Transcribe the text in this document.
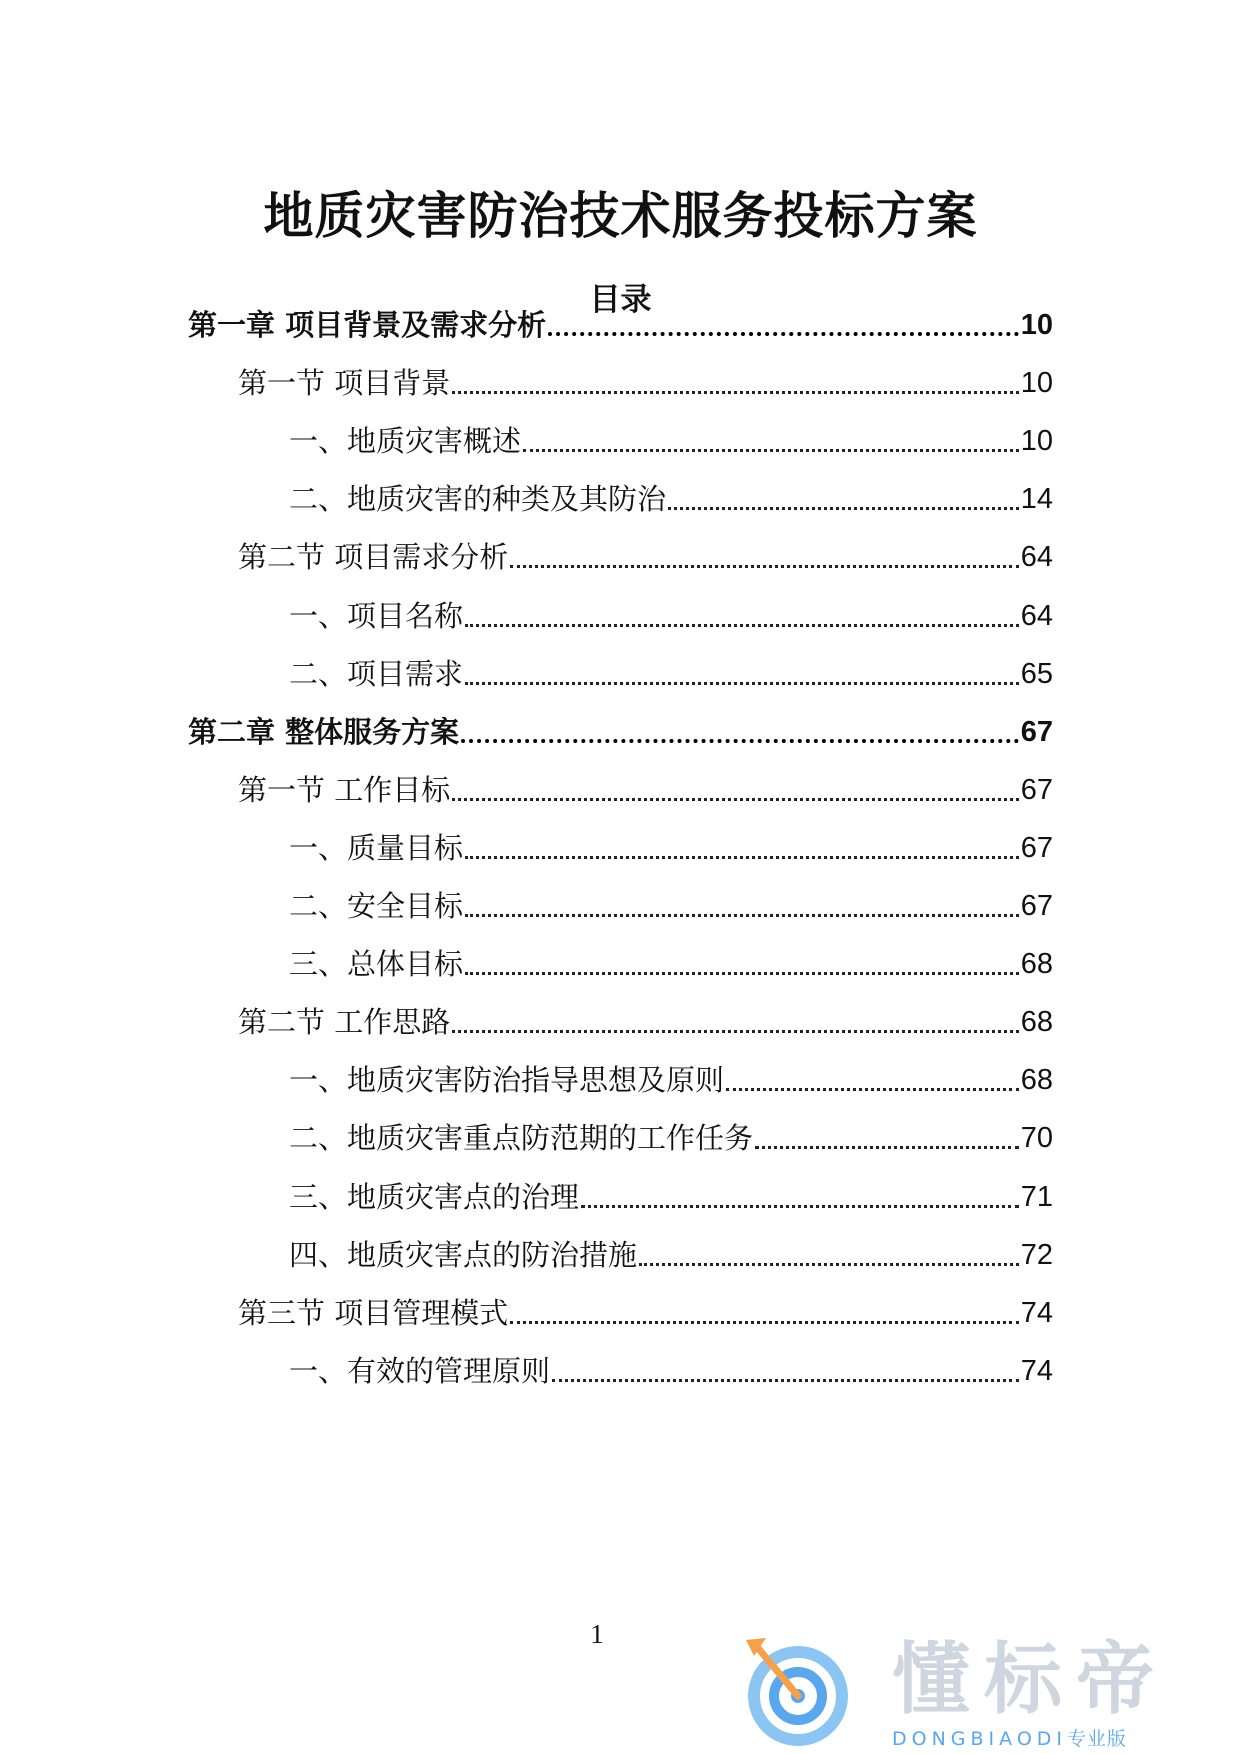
地质灾害防治技术服务投标方案
目录
第一章 项目背景及需求分析	10
第一节 项目背景	10
一、地质灾害概述	10
二、地质灾害的种类及其防治	14
第二节 项目需求分析	64
一、项目名称	64
二、项目需求	65
第二章 整体服务方案	67
第一节 工作目标	67
一、质量目标	67
二、安全目标	67
三、总体目标	68
第二节 工作思路	68
一、地质灾害防治指导思想及原则	68
二、地质灾害重点防范期的工作任务	70
三、地质灾害点的治理	71
四、地质灾害点的防治措施	72
第三节 项目管理模式	74
一、有效的管理原则	74
1
懂标帝
DONGBIAODI专业版
